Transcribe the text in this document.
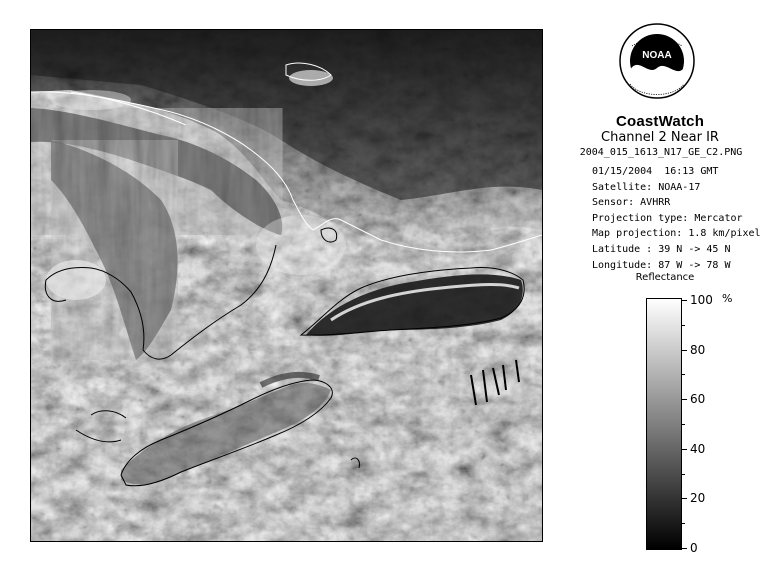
NOAA
CoastWatch
Channel 2 Near IR
2004_015_1613_N17_GE_C2.PNG
01/15/2004 16:13 GMT
Satellite: NOAA-17
Sensor: AVHRR
Projection type: Mercator
Map projection: 1.8 km/pixel
Latitude : 39 N -> 45 N
Longitude: 87 W -> 78 W
Reflectance
%
100
80
60
40
20
0
